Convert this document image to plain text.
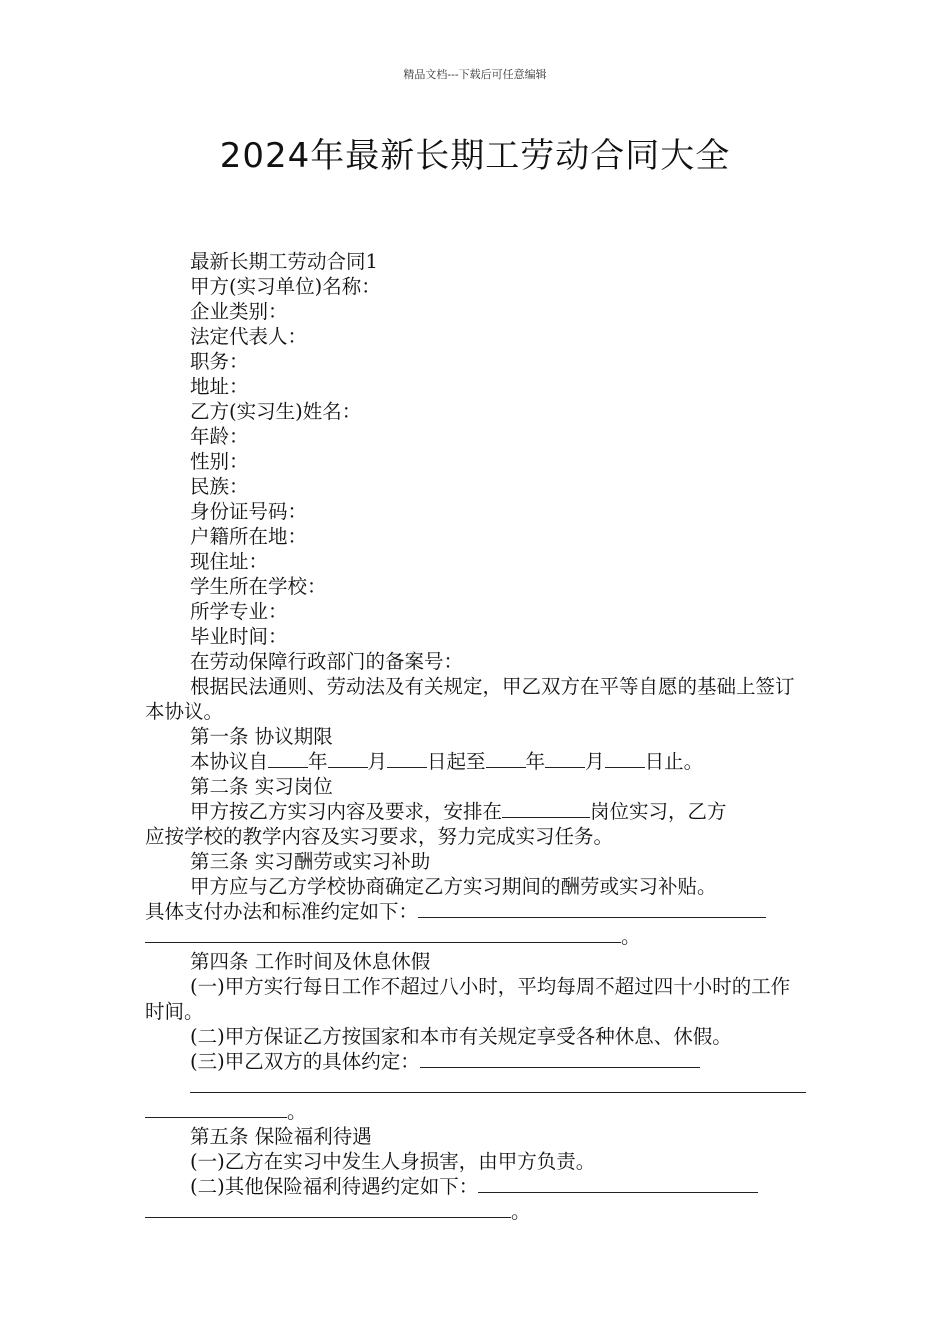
精品文档---下载后可任意编辑
2024年最新长期工劳动合同大全
最新长期工劳动合同1
甲方(实习单位)名称：
企业类别：
法定代表人：
职务：
地址：
乙方(实习生)姓名：
年龄：
性别：
民族：
身份证号码：
户籍所在地：
现住址：
学生所在学校：
所学专业：
毕业时间：
在劳动保障行政部门的备案号：
根据民法通则、劳动法及有关规定，甲乙双方在平等自愿的基础上签订本协议。
第一条 协议期限
本协议自 年 月 日起至 年 月 日止。
第二条 实习岗位
甲方按乙方实习内容及要求，安排在	岗位实习，乙方
应按学校的教学内容及实习要求，努力完成实习任务。
第三条 实习酬劳或实习补助
甲方应与乙方学校协商确定乙方实习期间的酬劳或实习补贴。
具体支付办法和标准约定如下：
。
第四条 工作时间及休息休假
(一)甲方实行每日工作不超过八小时，平均每周不超过四十小时的工作时间。
(二)甲方保证乙方按国家和本市有关规定享受各种休息、休假。
(三)甲乙双方的具体约定：
。
第五条 保险福利待遇
(一)乙方在实习中发生人身损害，由甲方负责。
(二)其他保险福利待遇约定如下：
。
